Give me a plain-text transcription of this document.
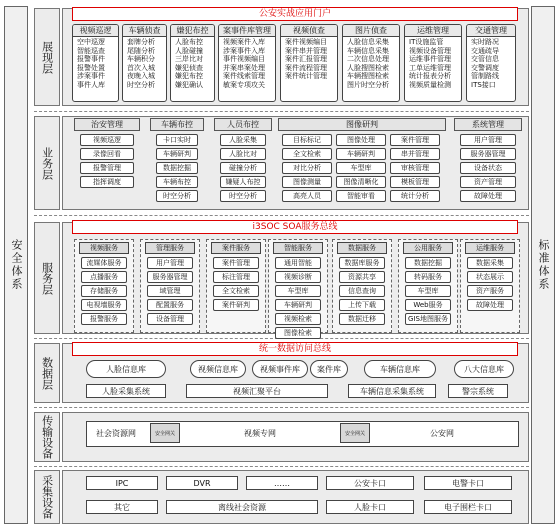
安全体系	标准体系
展现层
公安实战应用门户
业务层
服务层
i3SOC SOA服务总线
数据层
统一数据访问总线
传输设备	社会资源网	视频专网	公安网
安全网关	安全网关
采集设备
视频巡逻
空中巡逻
智能巡查
报警事件
报警处置
涉案事件
事件人库
车辆侦查
套牌分析
尾随分析
车辆积分
首次入城
夜晚入城
时空分析
嫌犯布控
人脸布控
人脸碰撞
三岸比对
嫌犯侦查
嫌犯布控
嫌犯确认
案事件库管理
视频案件入库
涉案事件入库
事件视频编目
并案串案处理
案件线索管理
敏案专项攻关
视频侦查
案件视频编目
案件串并管理
案件汇报管理
案件流程管理
案件统计管理
图片侦查
人脸信息采集
车辆信息采集
二次信息处理
人脸搜图检索
车辆搜图检索
图片时空分析
运维管理
IT设施监管
视频设备管理
运维事件管理
工单运维管理
统计报表分析
视频质量检测
交通管理
实时路况
交通疏导
交管信息
交警调度
管制路线
ITS接口
治安管理
视频巡逻
录像回看
报警管理
指挥调度
车辆布控
卡口实时
车辆研判
数据挖掘
车辆布控
时空分析
人员布控
人脸采集
人脸比对
碰撞分析
嫌疑人布控
时空分析
图像研判
目标标记	图像处理	案件管理
全文检索	车辆研判	串并管理
对比分析	车型库	审核管理
图像测量	图像清晰化	模板管理
高亮人员	智能审看	统计分析
系统管理
用户管理
服务器管理
设备状态
资产管理
故障处理
视频服务
流媒体服务
点播服务
存储服务
电视墙服务
报警服务
管理服务
用户管理
服务器管理
域管理
配置服务
设备管理
案件服务
案件管理
标注管理
全文检索
案件研判
智能服务
通用智能
视频诊断
车型库
车辆研判
视频检索
图像检索
数据服务
数据库服务
资源共享
信息查询
上传下载
数据迁移
公用服务
数据挖掘
转码服务
车型库
Web服务
GIS地图服务
运维服务
数据采集
状态展示
资产服务
故障处理
人脸信息库	视频信息库	视频事件库	案件库	车辆信息库	八大信息库
人脸采集系统	视频汇聚平台	车辆信息采集系统	警宗系统
IPC	DVR	……	公安卡口	电警卡口
其它	离线社会资源	人脸卡口	电子围栏卡口
